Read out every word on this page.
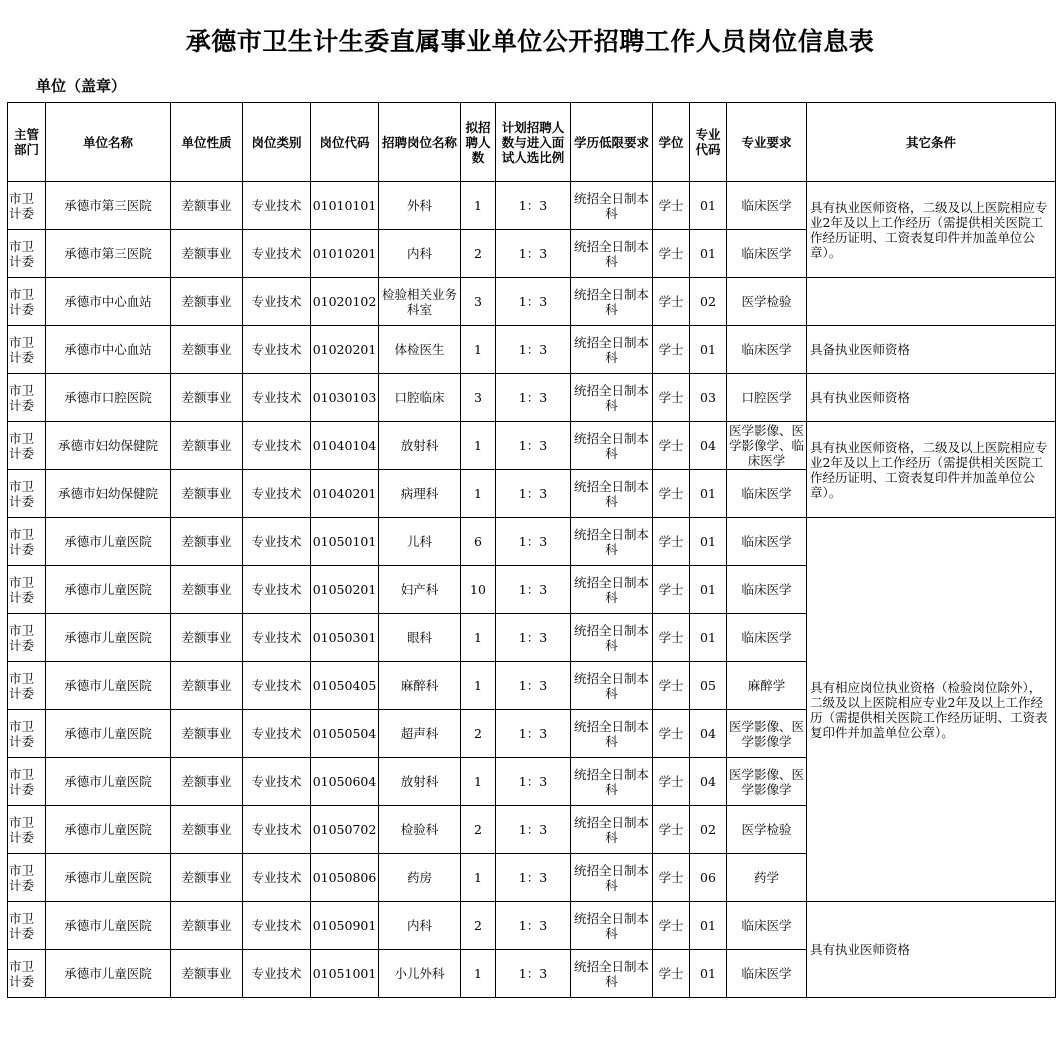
承德市卫生计生委直属事业单位公开招聘工作人员岗位信息表
单位（盖章）
主管部门	单位名称	单位性质	岗位类别	岗位代码	招聘岗位名称	拟招聘人数	计划招聘人数与进入面试人选比例	学历低限要求	学位	专业代码	专业要求	其它条件
市卫计委	承德市第三医院	差额事业	专业技术	01010101	外科	1	1：3	统招全日制本科	学士	01	临床医学	具有执业医师资格，二级及以上医院相应专业2年及以上工作经历（需提供相关医院工作经历证明、工资表复印件并加盖单位公章）。
市卫计委	承德市第三医院	差额事业	专业技术	01010201	内科	2	1：3	统招全日制本科	学士	01	临床医学	
市卫计委	承德市中心血站	差额事业	专业技术	01020102	检验相关业务科室	3	1：3	统招全日制本科	学士	02	医学检验	
市卫计委	承德市中心血站	差额事业	专业技术	01020201	体检医生	1	1：3	统招全日制本科	学士	01	临床医学	具备执业医师资格
市卫计委	承德市口腔医院	差额事业	专业技术	01030103	口腔临床	3	1：3	统招全日制本科	学士	03	口腔医学	具有执业医师资格
市卫计委	承德市妇幼保健院	差额事业	专业技术	01040104	放射科	1	1：3	统招全日制本科	学士	04	医学影像、医学影像学、临床医学	具有执业医师资格，二级及以上医院相应专业2年及以上工作经历（需提供相关医院工作经历证明、工资表复印件并加盖单位公章）。
市卫计委	承德市妇幼保健院	差额事业	专业技术	01040201	病理科	1	1：3	统招全日制本科	学士	01	临床医学	
市卫计委	承德市儿童医院	差额事业	专业技术	01050101	儿科	6	1：3	统招全日制本科	学士	01	临床医学	具有相应岗位执业资格（检验岗位除外），二级及以上医院相应专业2年及以上工作经历（需提供相关医院工作经历证明、工资表复印件并加盖单位公章）。
市卫计委	承德市儿童医院	差额事业	专业技术	01050201	妇产科	10	1：3	统招全日制本科	学士	01	临床医学	
市卫计委	承德市儿童医院	差额事业	专业技术	01050301	眼科	1	1：3	统招全日制本科	学士	01	临床医学	
市卫计委	承德市儿童医院	差额事业	专业技术	01050405	麻醉科	1	1：3	统招全日制本科	学士	05	麻醉学	
市卫计委	承德市儿童医院	差额事业	专业技术	01050504	超声科	2	1：3	统招全日制本科	学士	04	医学影像、医学影像学	
市卫计委	承德市儿童医院	差额事业	专业技术	01050604	放射科	1	1：3	统招全日制本科	学士	04	医学影像、医学影像学	
市卫计委	承德市儿童医院	差额事业	专业技术	01050702	检验科	2	1：3	统招全日制本科	学士	02	医学检验	
市卫计委	承德市儿童医院	差额事业	专业技术	01050806	药房	1	1：3	统招全日制本科	学士	06	药学	
市卫计委	承德市儿童医院	差额事业	专业技术	01050901	内科	2	1：3	统招全日制本科	学士	01	临床医学	具有执业医师资格
市卫计委	承德市儿童医院	差额事业	专业技术	01051001	小儿外科	1	1：3	统招全日制本科	学士	01	临床医学	
